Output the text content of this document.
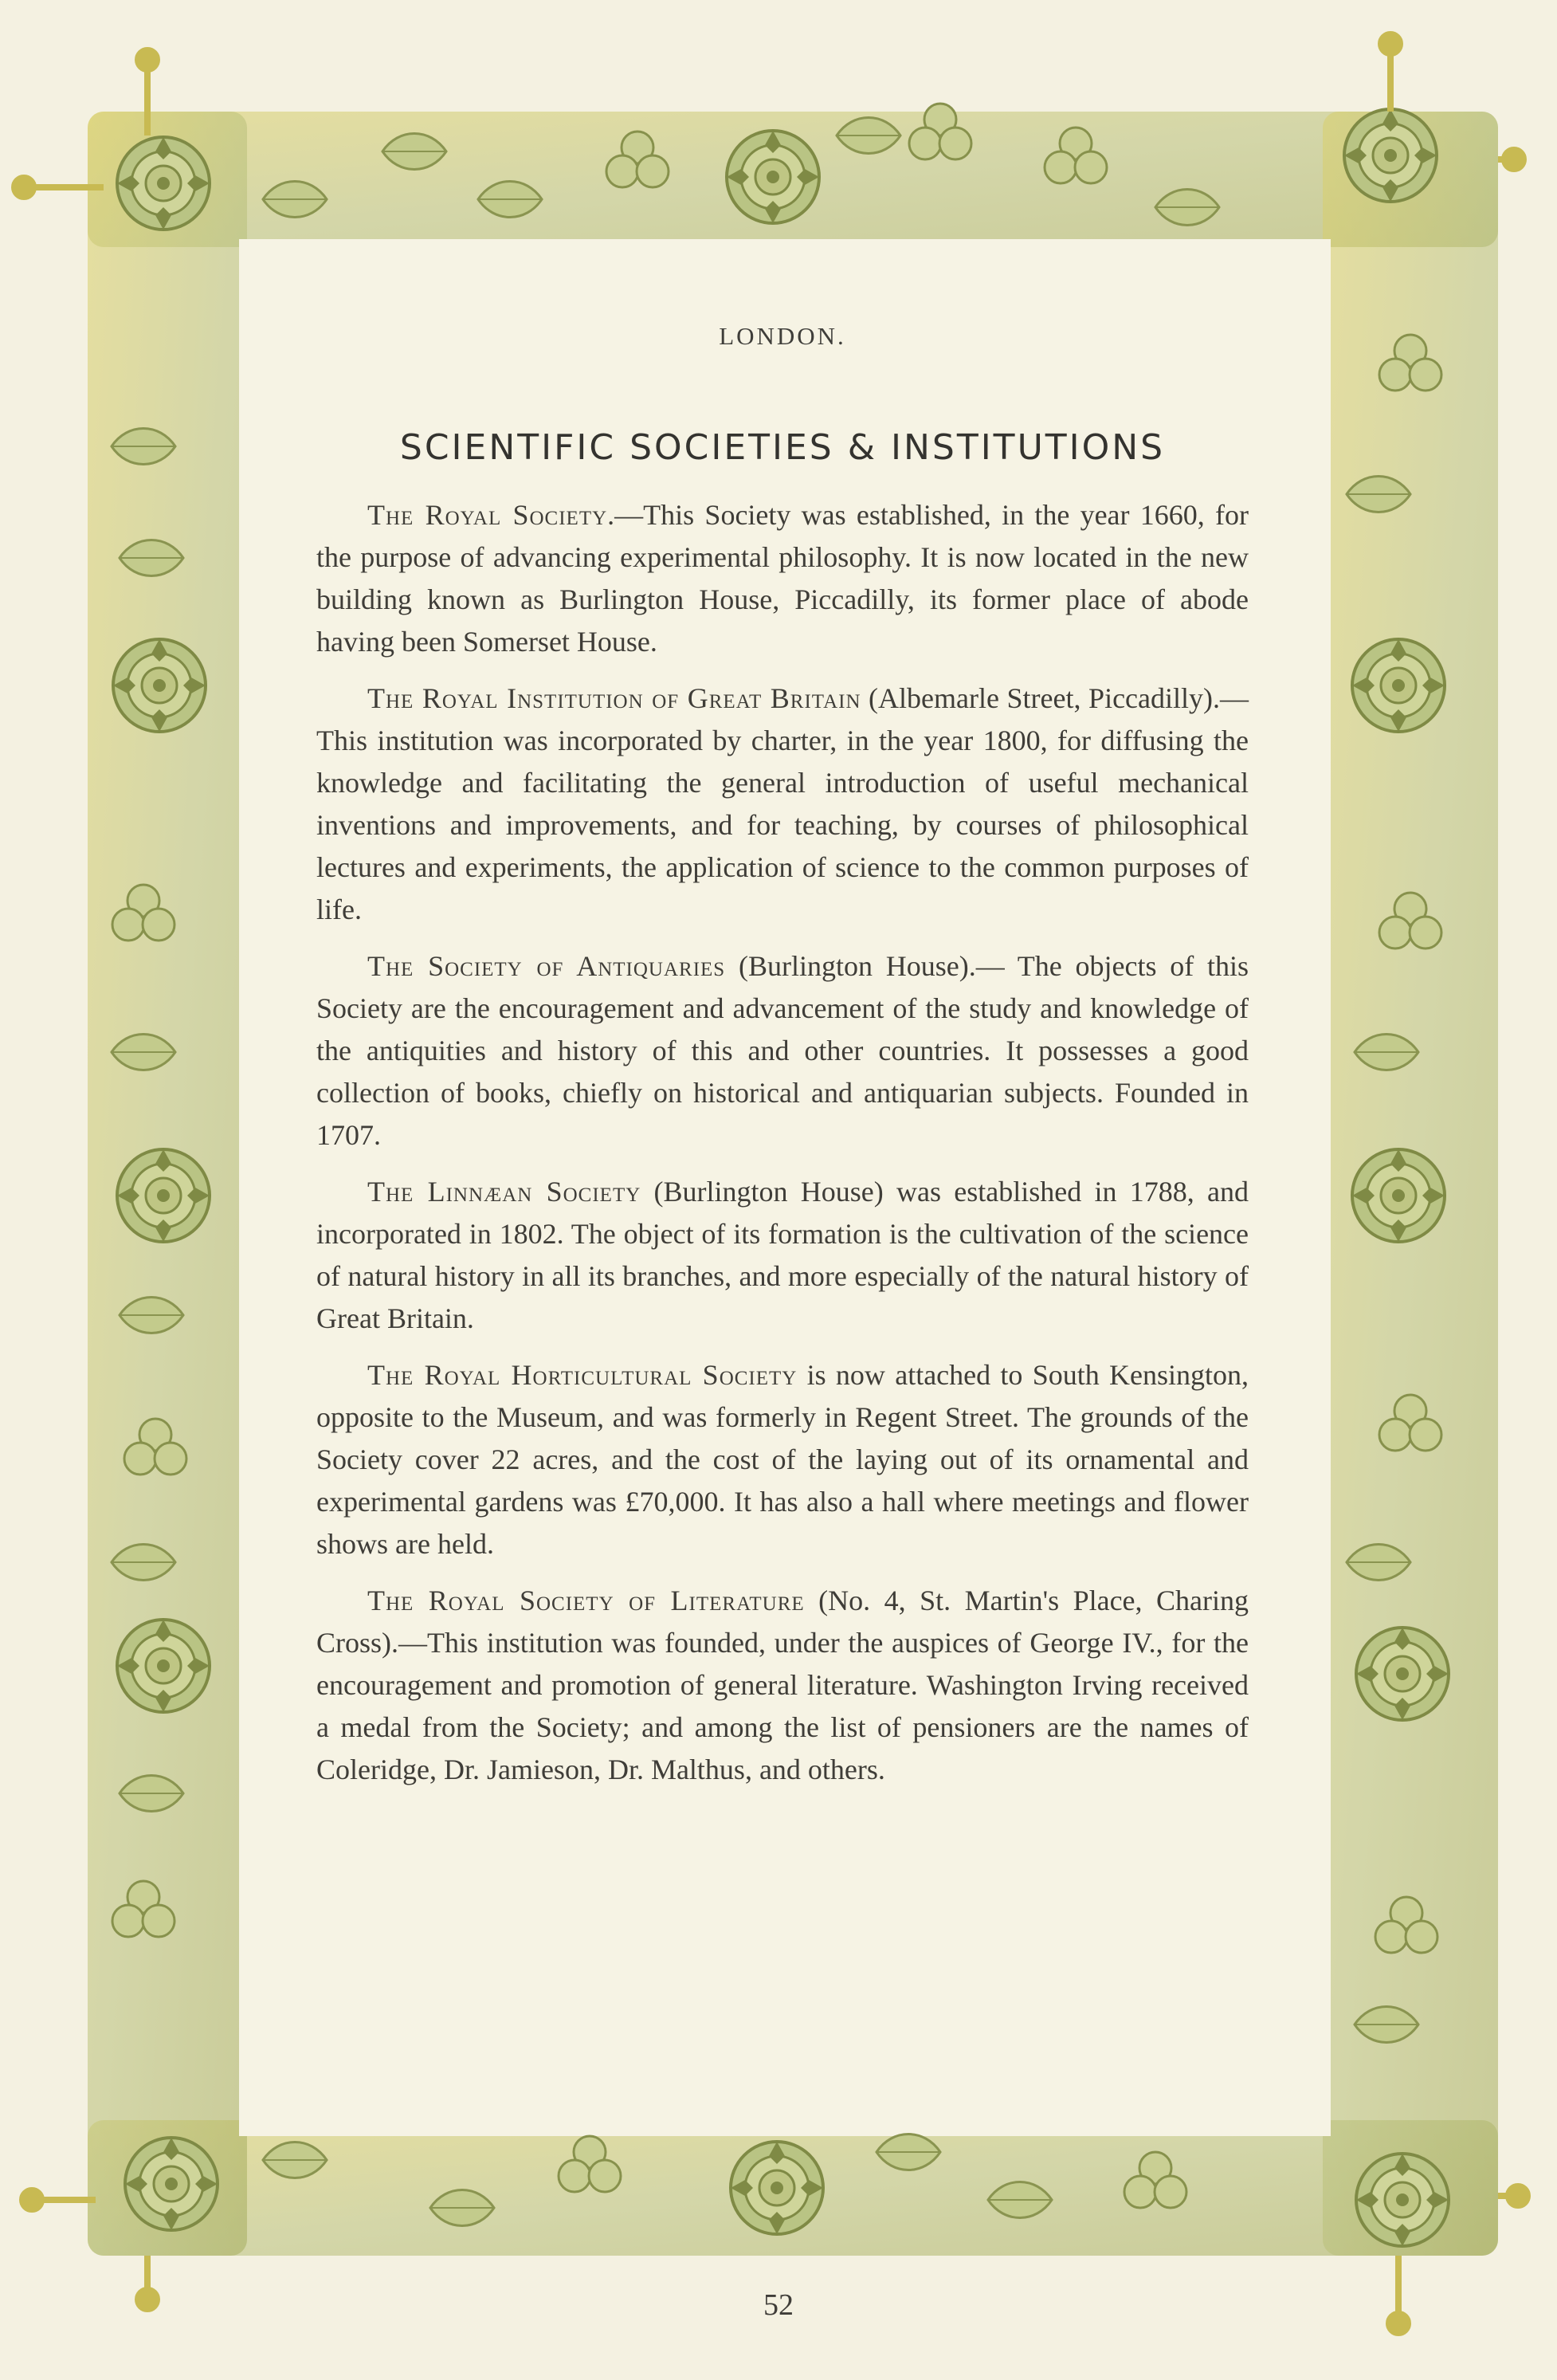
LONDON.
SCIENTIFIC SOCIETIES & INSTITUTIONS

The Royal Society.—This Society was established, in the year 1660, for the purpose of advancing experimental philosophy. It is now located in the new building known as Burlington House, Piccadilly, its former place of abode having been Somerset House.

The Royal Institution of Great Britain (Albemarle Street, Piccadilly).—This institution was incorporated by charter, in the year 1800, for diffusing the knowledge and facilitating the general introduction of useful mechanical inventions and improvements, and for teaching, by courses of philosophical lectures and experiments, the application of science to the common purposes of life.

The Society of Antiquaries (Burlington House).— The objects of this Society are the encouragement and advancement of the study and knowledge of the antiquities and history of this and other countries. It possesses a good collection of books, chiefly on historical and antiquarian subjects. Founded in 1707.

The Linnæan Society (Burlington House) was established in 1788, and incorporated in 1802. The object of its formation is the cultivation of the science of natural history in all its branches, and more especially of the natural history of Great Britain.

The Royal Horticultural Society is now attached to South Kensington, opposite to the Museum, and was formerly in Regent Street. The grounds of the Society cover 22 acres, and the cost of the laying out of its ornamental and experimental gardens was £70,000. It has also a hall where meetings and flower shows are held.

The Royal Society of Literature (No. 4, St. Martin's Place, Charing Cross).—This institution was founded, under the auspices of George IV., for the encouragement and promotion of general literature. Washington Irving received a medal from the Society; and among the list of pensioners are the names of Coleridge, Dr. Jamieson, Dr. Malthus, and others.

52
